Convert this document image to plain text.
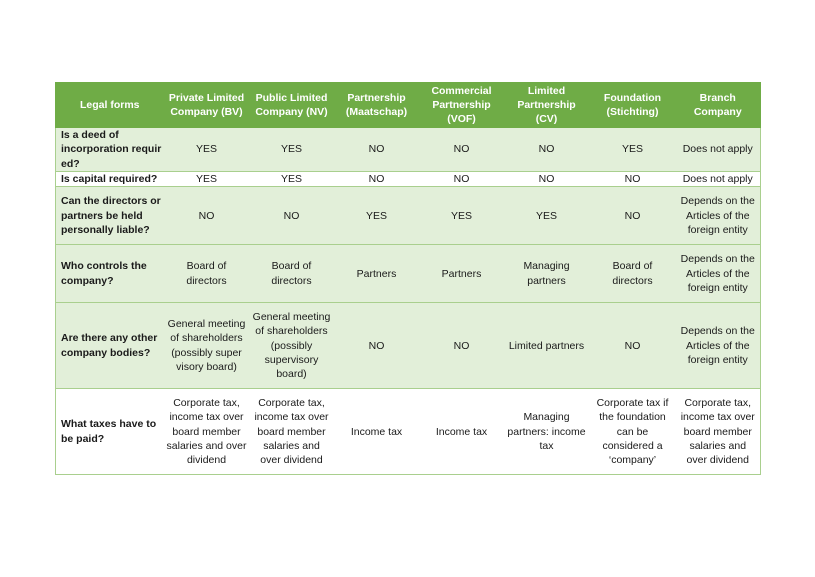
Legal forms	Private Limited Company (BV)	Public Limited Company (NV)	Partnership (Maatschap)	Commercial Partnership (VOF)	Limited Partnership (CV)	Foundation (Stichting)	Branch Company
Is a deed of incorporation requir ed?	YES	YES	NO	NO	NO	YES	Does not apply
Is capital required?	YES	YES	NO	NO	NO	NO	Does not apply
Can the directors or partners be held personally liable?	NO	NO	YES	YES	YES	NO	Depends on the Articles of the foreign entity
Who controls the company?	Board of directors	Board of directors	Partners	Partners	Managing partners	Board of directors	Depends on the Articles of the foreign entity
Are there any other company bodies?	General meeting of shareholders (possibly super visory board)	General meeting of shareholders (possibly supervisory board)	NO	NO	Limited partners	NO	Depends on the Articles of the foreign entity
What taxes have to be paid?	Corporate tax, income tax over board member salaries and over dividend	Corporate tax, income tax over board member salaries and over dividend	Income tax	Income tax	Managing partners: income tax	Corporate tax if the foundation can be considered a ‘company’	Corporate tax, income tax over board member salaries and over dividend
